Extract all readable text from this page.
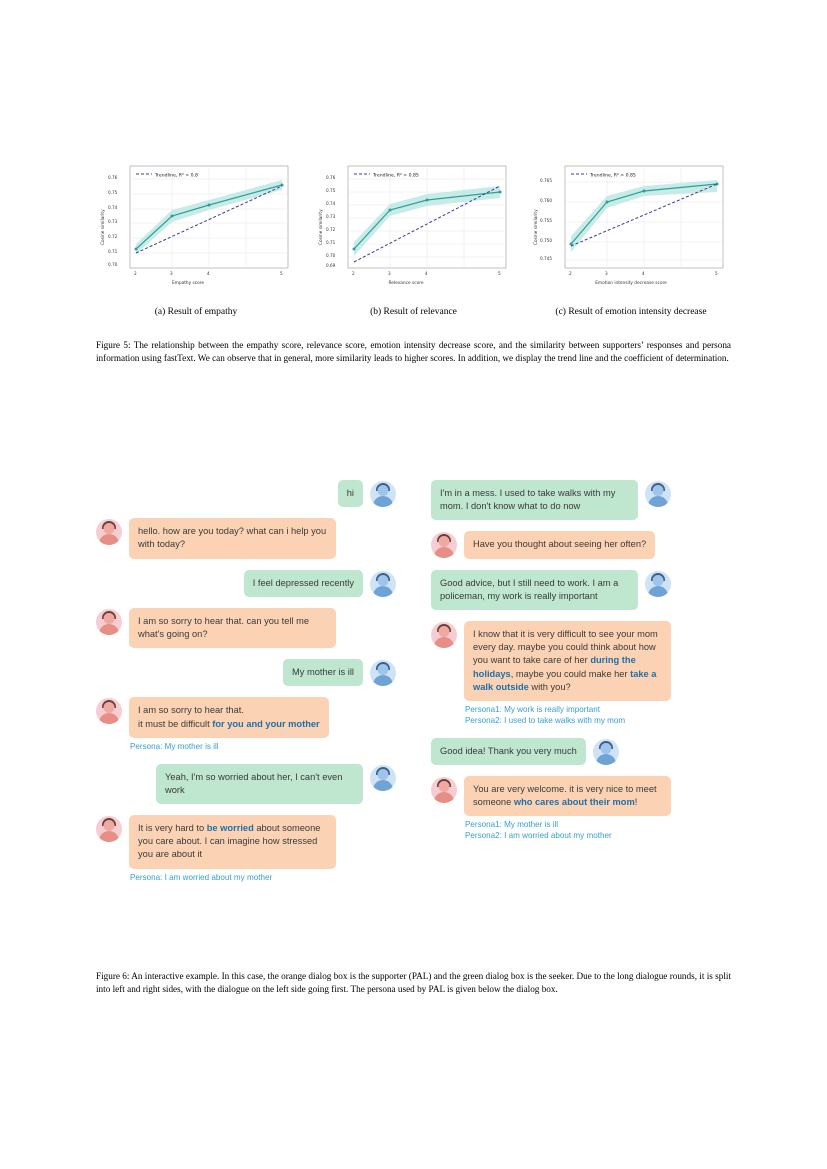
Trendline, R² > 0.8
0.76
0.75
0.74
0.73
0.72
0.71
0.70
2	3	4	5
Cosine similarity
Empathy score
(a) Result of empathy
Trendline, R² > 0.85
0.76
0.75
0.74
0.73
0.72
0.71
0.70
0.69
2	3	4	5
Cosine similarity
Relevance score
(b) Result of relevance
Trendline, R² > 0.85
0.765
0.760
0.755
0.750
0.745
2	3	4	5
Cosine similarity
Emotion intensity decrease score
(c) Result of emotion intensity decrease
Figure 5: The relationship between the empathy score, relevance score, emotion intensity decrease score, and the similarity between supporters’ responses and persona information using fastText. We can observe that in general, more similarity leads to higher scores. In addition, we display the trend line and the coefficient of determination.
hi
hello. how are you today? what can i help you with today?
I feel depressed recently
I am so sorry to hear that. can you tell me what's going on?
My mother is ill
I am so sorry to hear that.
it must be difficult for you and your mother
Persona: My mother is ill
Yeah, I'm so worried about her, I can't even work
It is very hard to be worried about someone you care about. I can imagine how stressed you are about it
Persona: I am worried about my mother
I'm in a mess. I used to take walks with my mom. I don't know what to do now
Have you thought about seeing her often?
Good advice, but I still need to work. I am a policeman, my work is really important
I know that it is very difficult to see your mom every day. maybe you could think about how you want to take care of her during the holidays, maybe you could make her take a walk outside with you?
Persona1: My work is really important
Persona2: I used to take walks with my mom
Good idea! Thank you very much
You are very welcome. it is very nice to meet someone who cares about their mom!
Persona1: My mother is ill
Persona2: I am worried about my mother
Figure 6: An interactive example. In this case, the orange dialog box is the supporter (PAL) and the green dialog box is the seeker. Due to the long dialogue rounds, it is split into left and right sides, with the dialogue on the left side going first. The persona used by PAL is given below the dialog box.
